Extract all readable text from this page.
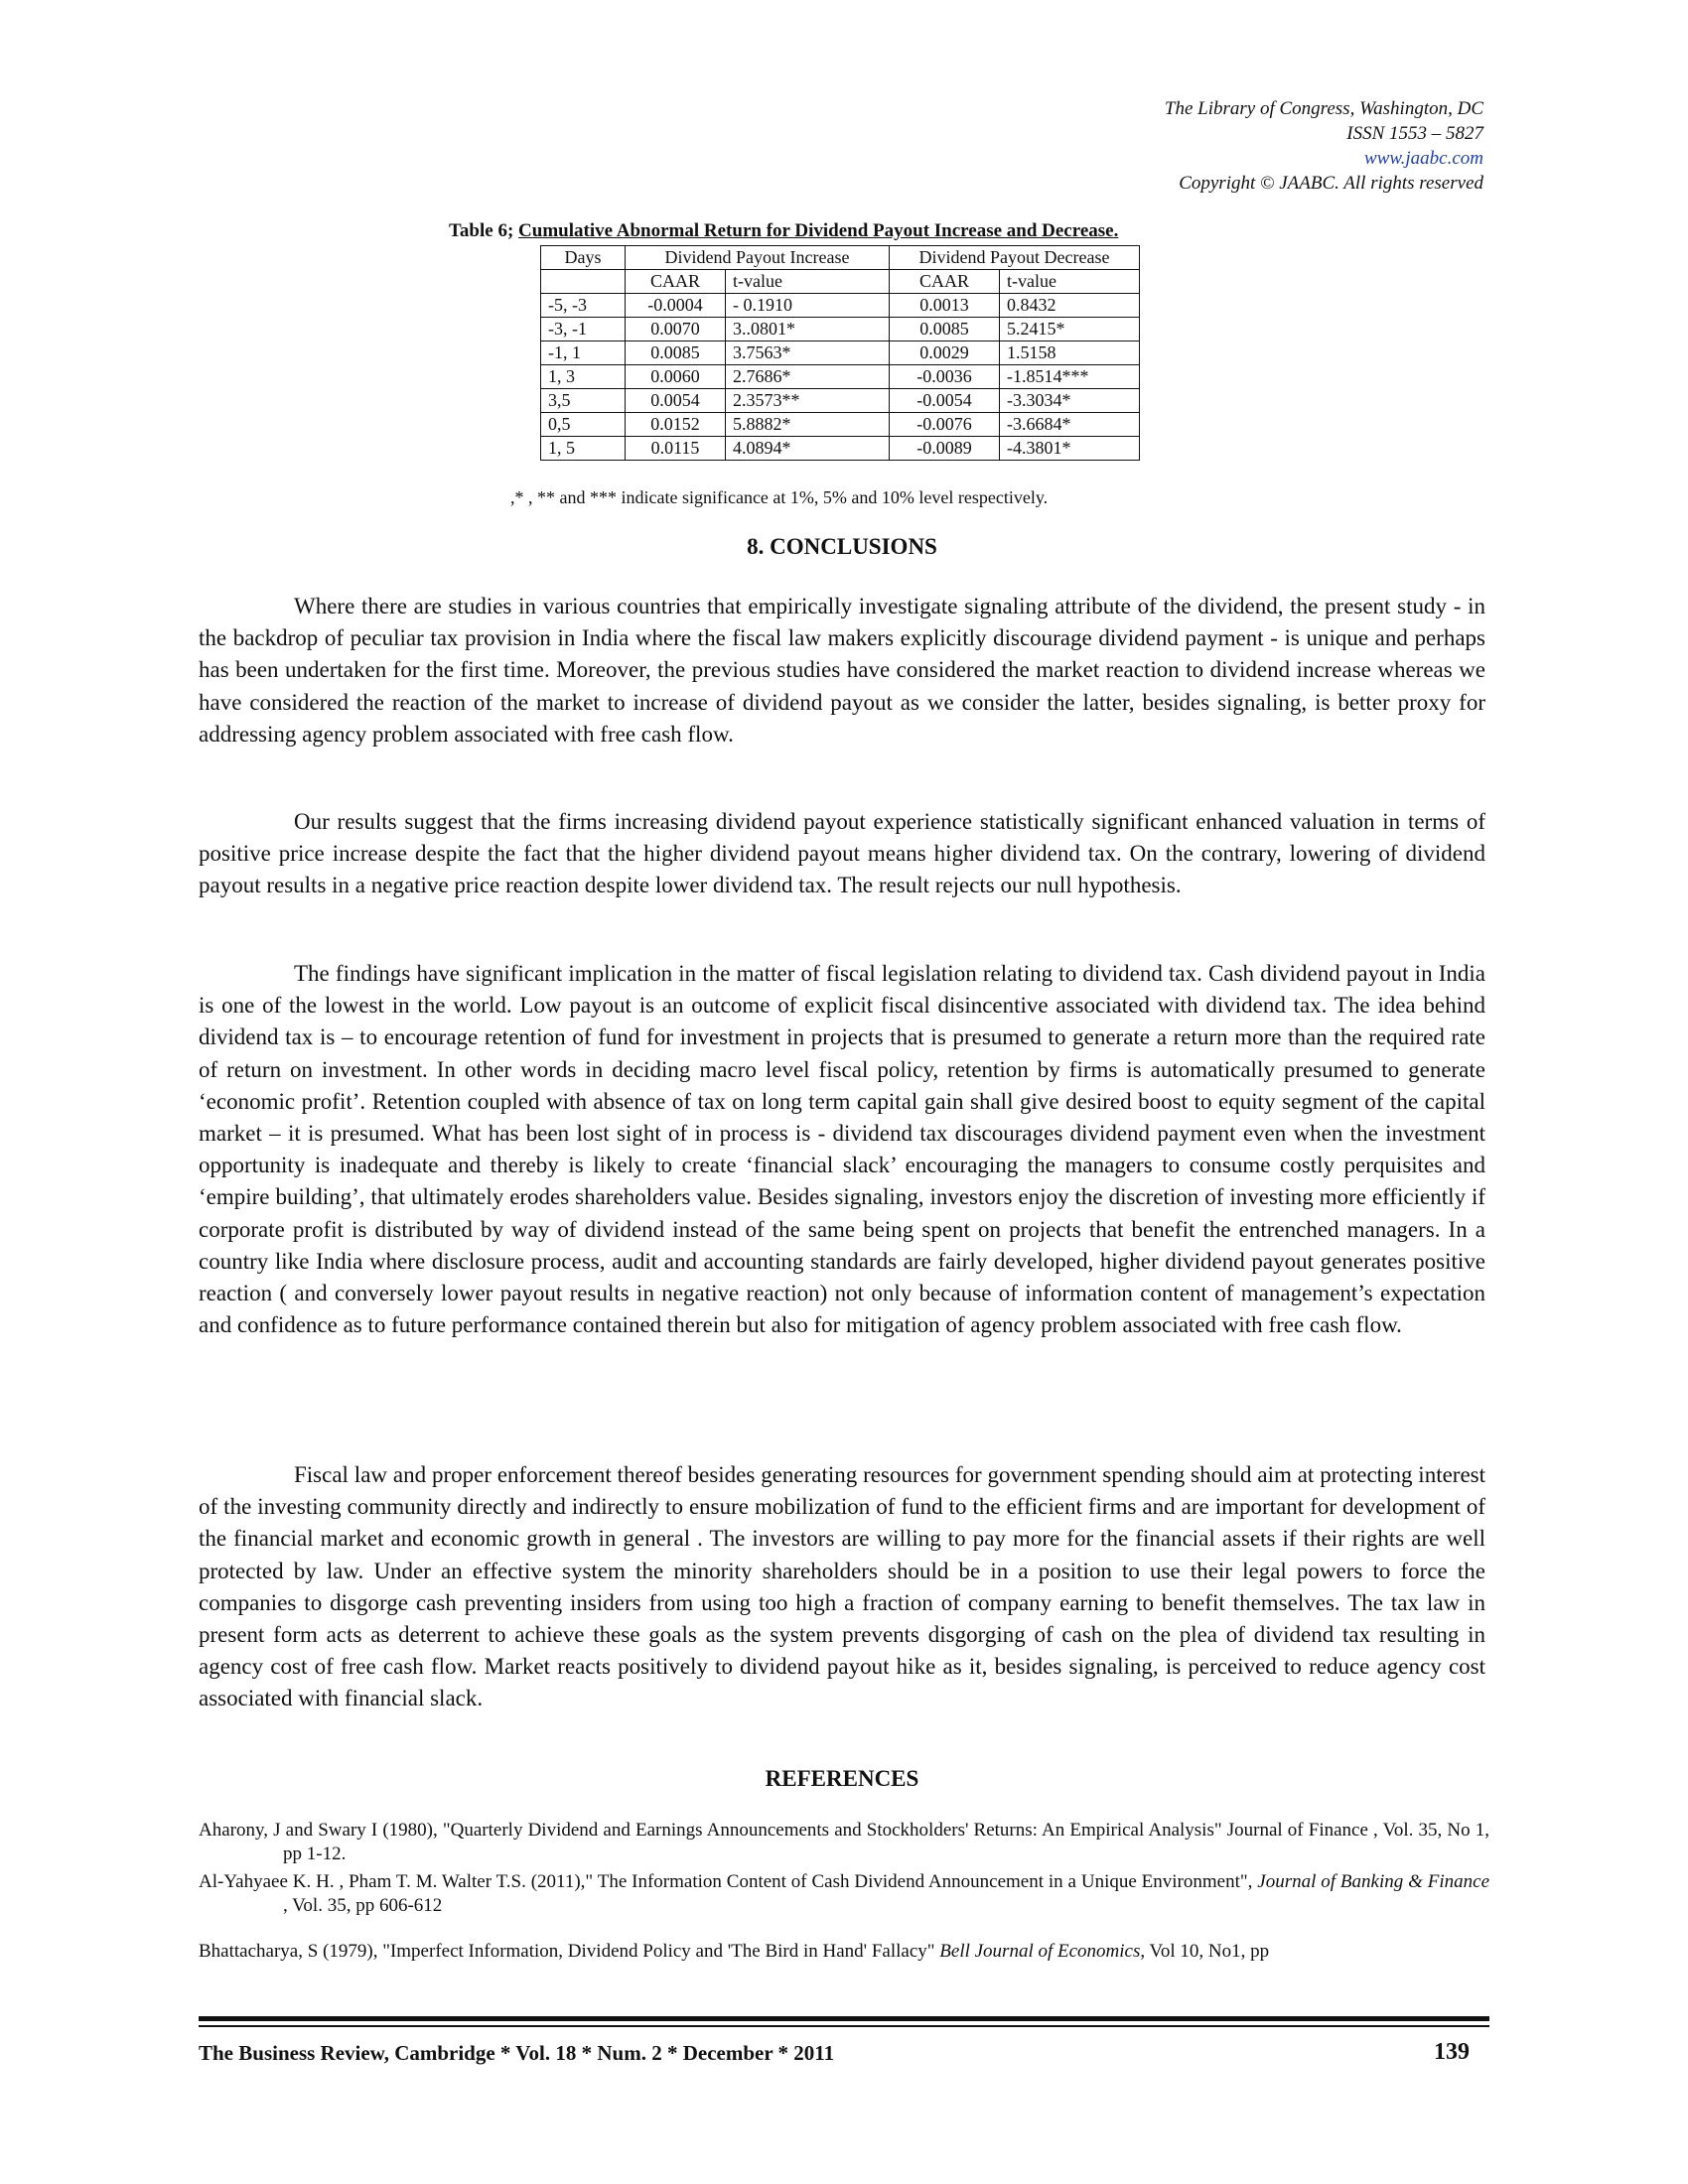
The Library of Congress, Washington, DC
ISSN 1553 – 5827
www.jaabc.com
Copyright © JAABC. All rights reserved
Table 6; Cumulative Abnormal Return for Dividend Payout Increase and Decrease.
Days	Dividend Payout Increase		Dividend Payout Decrease	
	CAAR	t-value	CAAR	t-value
-5, -3	-0.0004	- 0.1910	0.0013	0.8432
-3, -1	0.0070	3..0801*	0.0085	5.2415*
-1, 1	0.0085	3.7563*	0.0029	1.5158
1, 3	0.0060	2.7686*	-0.0036	-1.8514***
3,5	0.0054	2.3573**	-0.0054	-3.3034*
0,5	0.0152	5.8882*	-0.0076	-3.6684*
1, 5	0.0115	4.0894*	-0.0089	-4.3801*
,* , ** and *** indicate significance at 1%, 5% and 10% level respectively.
8. CONCLUSIONS

Where there are studies in various countries that empirically investigate signaling attribute of the dividend, the present study - in the backdrop of peculiar tax provision in India where the fiscal law makers explicitly discourage dividend payment - is unique and perhaps has been undertaken for the first time. Moreover, the previous studies have considered the market reaction to dividend increase whereas we have considered the reaction of the market to increase of dividend payout as we consider the latter, besides signaling, is better proxy for addressing agency problem associated with free cash flow.

Our results suggest that the firms increasing dividend payout experience statistically significant enhanced valuation in terms of positive price increase despite the fact that the higher dividend payout means higher dividend tax. On the contrary, lowering of dividend payout results in a negative price reaction despite lower dividend tax. The result rejects our null hypothesis.

The findings have significant implication in the matter of fiscal legislation relating to dividend tax. Cash dividend payout in India is one of the lowest in the world. Low payout is an outcome of explicit fiscal disincentive associated with dividend tax. The idea behind dividend tax is – to encourage retention of fund for investment in projects that is presumed to generate a return more than the required rate of return on investment. In other words in deciding macro level fiscal policy, retention by firms is automatically presumed to generate ‘economic profit’. Retention coupled with absence of tax on long term capital gain shall give desired boost to equity segment of the capital market – it is presumed. What has been lost sight of in process is - dividend tax discourages dividend payment even when the investment opportunity is inadequate and thereby is likely to create ‘financial slack’ encouraging the managers to consume costly perquisites and ‘empire building’, that ultimately erodes shareholders value. Besides signaling, investors enjoy the discretion of investing more efficiently if corporate profit is distributed by way of dividend instead of the same being spent on projects that benefit the entrenched managers. In a country like India where disclosure process, audit and accounting standards are fairly developed, higher dividend payout generates positive reaction ( and conversely lower payout results in negative reaction) not only because of information content of management’s expectation and confidence as to future performance contained therein but also for mitigation of agency problem associated with free cash flow.

Fiscal law and proper enforcement thereof besides generating resources for government spending should aim at protecting interest of the investing community directly and indirectly to ensure mobilization of fund to the efficient firms and are important for development of the financial market and economic growth in general . The investors are willing to pay more for the financial assets if their rights are well protected by law. Under an effective system the minority shareholders should be in a position to use their legal powers to force the companies to disgorge cash preventing insiders from using too high a fraction of company earning to benefit themselves. The tax law in present form acts as deterrent to achieve these goals as the system prevents disgorging of cash on the plea of dividend tax resulting in agency cost of free cash flow. Market reacts positively to dividend payout hike as it, besides signaling, is perceived to reduce agency cost associated with financial slack.

REFERENCES
Aharony, J and Swary I (1980), "Quarterly Dividend and Earnings Announcements and Stockholders' Returns: An Empirical Analysis" Journal of Finance , Vol. 35, No 1, pp 1-12.
Al-Yahyaee K. H. , Pham T. M. Walter T.S. (2011)," The Information Content of Cash Dividend Announcement in a Unique Environment", Journal of Banking & Finance , Vol. 35, pp 606-612
Bhattacharya, S (1979), "Imperfect Information, Dividend Policy and 'The Bird in Hand' Fallacy" Bell Journal of Economics, Vol 10, No1, pp
The Business Review, Cambridge * Vol. 18 * Num. 2 * December * 2011	139
